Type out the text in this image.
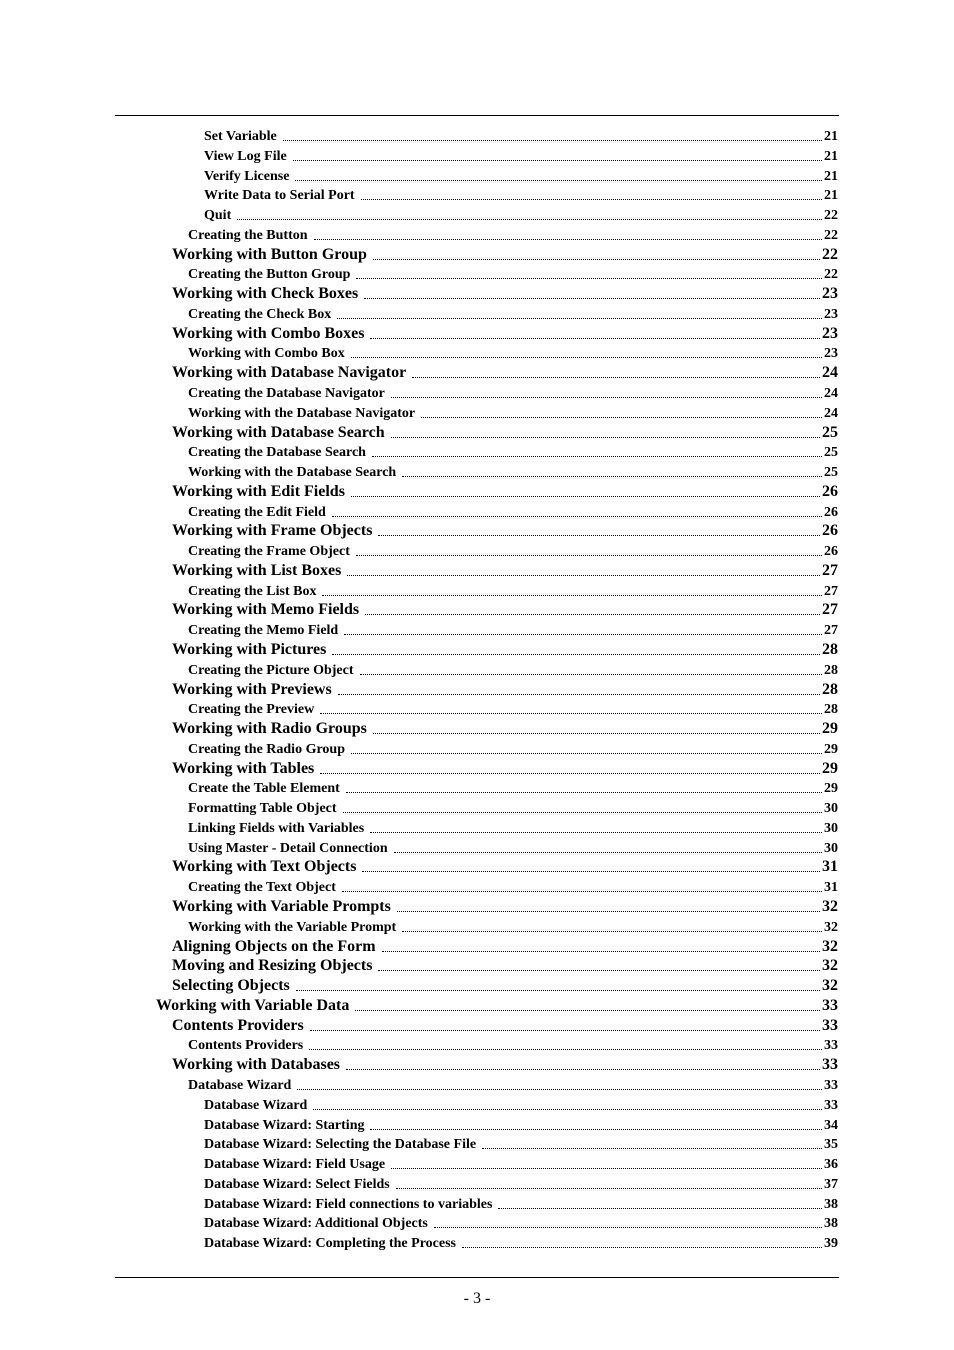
Set Variable	21
View Log File	21
Verify License	21
Write Data to Serial Port	21
Quit	22
Creating the Button	22
Working with Button Group	22
Creating the Button Group	22
Working with Check Boxes	23
Creating the Check Box	23
Working with Combo Boxes	23
Working with Combo Box	23
Working with Database Navigator	24
Creating the Database Navigator	24
Working with the Database Navigator	24
Working with Database Search	25
Creating the Database Search	25
Working with the Database Search	25
Working with Edit Fields	26
Creating the Edit Field	26
Working with Frame Objects	26
Creating the Frame Object	26
Working with List Boxes	27
Creating the List Box	27
Working with Memo Fields	27
Creating the Memo Field	27
Working with Pictures	28
Creating the Picture Object	28
Working with Previews	28
Creating the Preview	28
Working with Radio Groups	29
Creating the Radio Group	29
Working with Tables	29
Create the Table Element	29
Formatting Table Object	30
Linking Fields with Variables	30
Using Master - Detail Connection	30
Working with Text Objects	31
Creating the Text Object	31
Working with Variable Prompts	32
Working with the Variable Prompt	32
Aligning Objects on the Form	32
Moving and Resizing Objects	32
Selecting Objects	32
Working with Variable Data	33
Contents Providers	33
Contents Providers	33
Working with Databases	33
Database Wizard	33
Database Wizard	33
Database Wizard: Starting	34
Database Wizard: Selecting the Database File	35
Database Wizard: Field Usage	36
Database Wizard: Select Fields	37
Database Wizard: Field connections to variables	38
Database Wizard: Additional Objects	38
Database Wizard: Completing the Process	39
- 3 -
